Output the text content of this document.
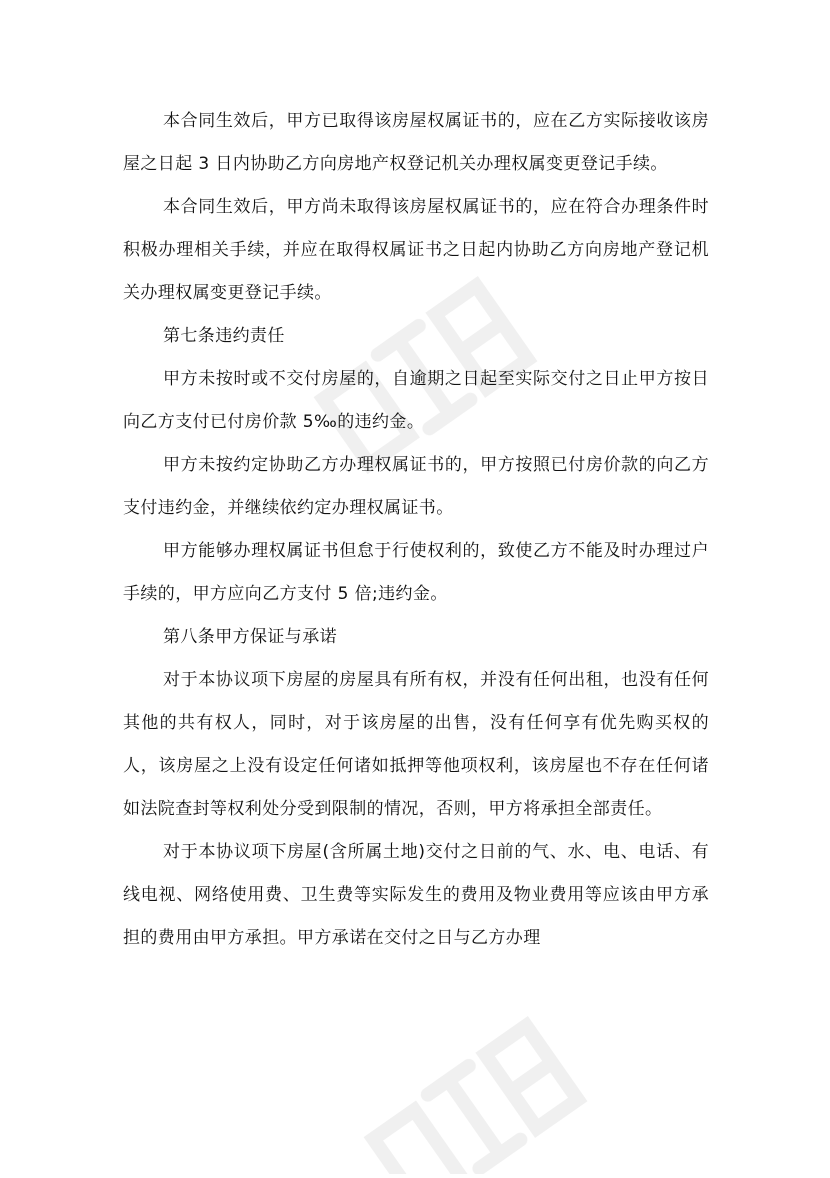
本合同生效后，甲方已取得该房屋权属证书的，应在乙方实际接收该房屋之日起 3 日内协助乙方向房地产权登记机关办理权属变更登记手续。

本合同生效后，甲方尚未取得该房屋权属证书的，应在符合办理条件时积极办理相关手续，并应在取得权属证书之日起内协助乙方向房地产登记机关办理权属变更登记手续。

第七条违约责任

甲方未按时或不交付房屋的，自逾期之日起至实际交付之日止甲方按日向乙方支付已付房价款 5‰的违约金。

甲方未按约定协助乙方办理权属证书的，甲方按照已付房价款的向乙方支付违约金，并继续依约定办理权属证书。

甲方能够办理权属证书但怠于行使权利的，致使乙方不能及时办理过户手续的，甲方应向乙方支付 5 倍;违约金。

第八条甲方保证与承诺

对于本协议项下房屋的房屋具有所有权，并没有任何出租，也没有任何其他的共有权人，同时，对于该房屋的出售，没有任何享有优先购买权的人，该房屋之上没有设定任何诸如抵押等他项权利，该房屋也不存在任何诸如法院查封等权利处分受到限制的情况，否则，甲方将承担全部责任。

对于本协议项下房屋(含所属土地)交付之日前的气、水、电、电话、有线电视、网络使用费、卫生费等实际发生的费用及物业费用等应该由甲方承担的费用由甲方承担。甲方承诺在交付之日与乙方办理
